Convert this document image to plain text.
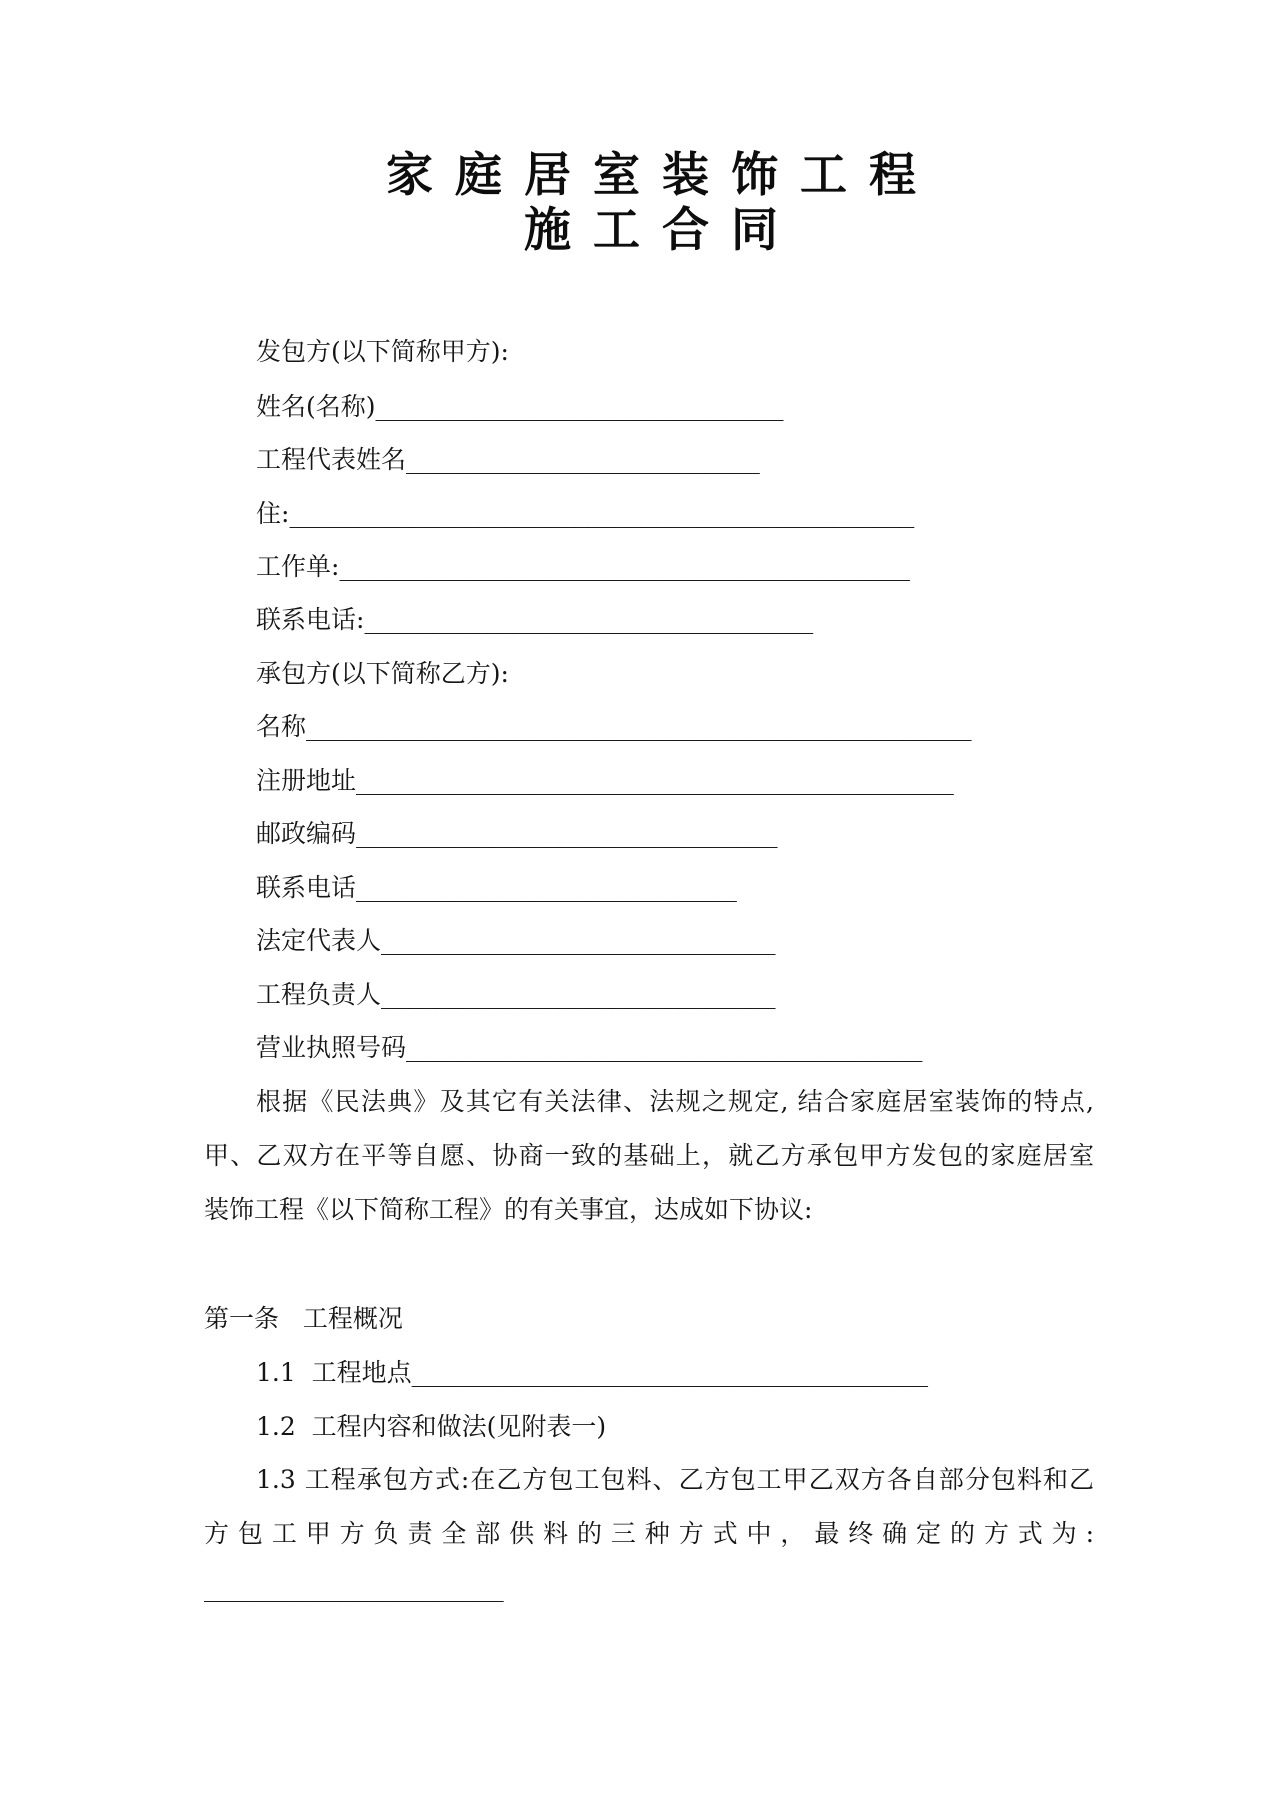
家庭居室装饰工程
施工合同
发包方(以下简称甲方):
姓名(名称)______________________________
工程代表姓名__________________________
住:______________________________________________
工作单:__________________________________________
联系电话:_________________________________
承包方(以下简称乙方):
名称_________________________________________________
注册地址____________________________________________
邮政编码_______________________________
联系电话____________________________
法定代表人_____________________________
工程负责人_____________________________
营业执照号码______________________________________
根据《民法典》及其它有关法律、法规之规定, 结合家庭居室装饰的特点,
甲、乙双方在平等自愿、协商一致的基础上，就乙方承包甲方发包的家庭居室
装饰工程《以下简称工程》的有关事宜，达成如下协议:
第一条   工程概况
1.1  工程地点______________________________________
1.2  工程内容和做法(见附表一)
1.3 工程承包方式:在乙方包工包料、乙方包工甲乙双方各自部分包料和乙
方包工甲方负责全部供料的三种方式中，最终确定的方式为:
______________________
